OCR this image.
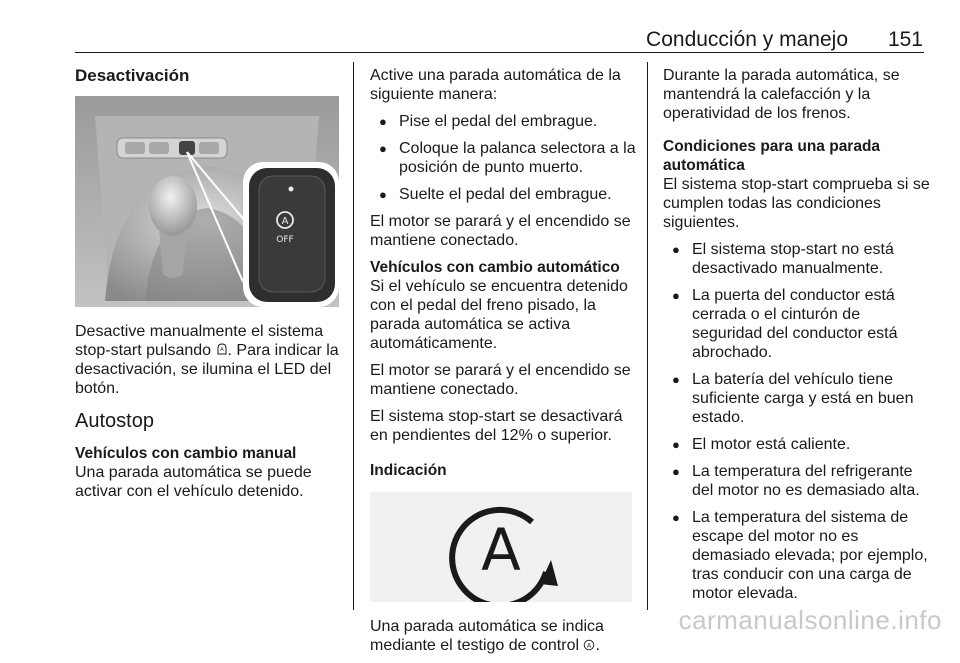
Conducción y manejo 151
Desactivación
A
OFF

Desactive manualmente el sistema stop-start pulsando A . Para indicar la desactivación, se ilumina el LED del botón.

Autostop
Vehículos con cambio manual

Una parada automática se puede activar con el vehículo detenido.

Active una parada automática de la siguiente manera:

● Pise el pedal del embrague.
● Coloque la palanca selectora a la posición de punto muerto.
● Suelte el pedal del embrague.

El motor se parará y el encendido se mantiene conectado.

Vehículos con cambio automático

Si el vehículo se encuentra detenido con el pedal del freno pisado, la parada automática se activa automáticamente.

El motor se parará y el encendido se mantiene conectado.

El sistema stop-start se desactivará en pendientes del 12% o superior.

Indicación
A

Una parada automática se indica mediante el testigo de control A .

Durante la parada automática, se mantendrá la calefacción y la operatividad de los frenos.

Condiciones para una parada automática

El sistema stop-start comprueba si se cumplen todas las condiciones siguientes.

● El sistema stop-start no está desactivado manualmente.
● La puerta del conductor está cerrada o el cinturón de seguridad del conductor está abrochado.
● La batería del vehículo tiene suficiente carga y está en buen estado.
● El motor está caliente.
● La temperatura del refrigerante del motor no es demasiado alta.
● La temperatura del sistema de escape del motor no es demasiado elevada; por ejemplo, tras conducir con una carga de motor elevada.
carmanualsonline.info
